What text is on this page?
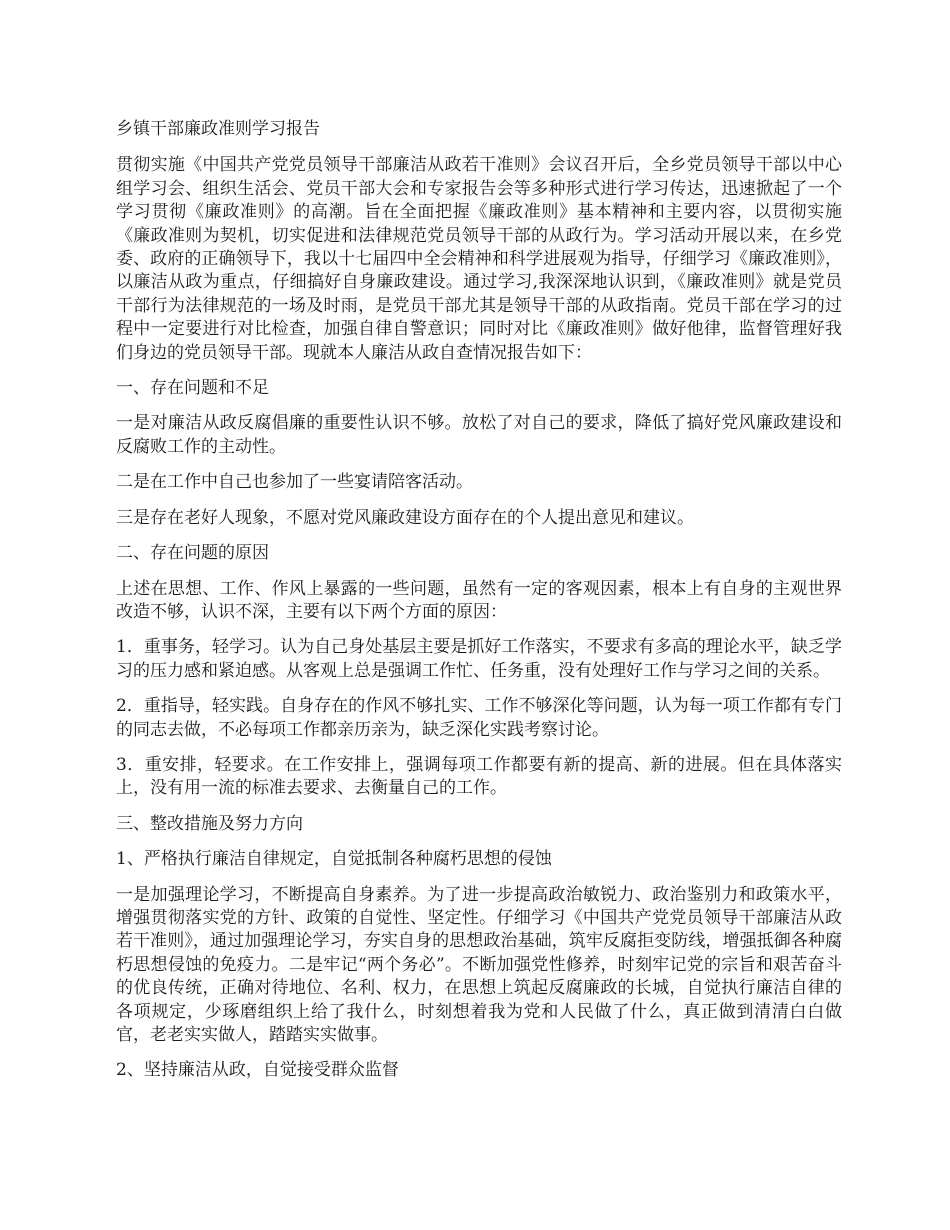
乡镇干部廉政准则学习报告

贯彻实施《中国共产党党员领导干部廉洁从政若干准则》会议召开后，全乡党员领导干部以中心组学习会、组织生活会、党员干部大会和专家报告会等多种形式进行学习传达，迅速掀起了一个学习贯彻《廉政准则》的高潮。旨在全面把握《廉政准则》基本精神和主要内容，以贯彻实施《廉政准则为契机，切实促进和法律规范党员领导干部的从政行为。学习活动开展以来，在乡党委、政府的正确领导下，我以十七届四中全会精神和科学进展观为指导，仔细学习《廉政准则》，以廉洁从政为重点，仔细搞好自身廉政建设。通过学习,我深深地认识到，《廉政准则》就是党员干部行为法律规范的一场及时雨，是党员干部尤其是领导干部的从政指南。党员干部在学习的过程中一定要进行对比检查，加强自律自警意识；同时对比《廉政准则》做好他律，监督管理好我们身边的党员领导干部。现就本人廉洁从政自查情况报告如下：

一、存在问题和不足

一是对廉洁从政反腐倡廉的重要性认识不够。放松了对自己的要求，降低了搞好党风廉政建设和反腐败工作的主动性。

二是在工作中自己也参加了一些宴请陪客活动。

三是存在老好人现象，不愿对党风廉政建设方面存在的个人提出意见和建议。

二、存在问题的原因

上述在思想、工作、作风上暴露的一些问题，虽然有一定的客观因素，根本上有自身的主观世界改造不够，认识不深，主要有以下两个方面的原因：

1．重事务，轻学习。认为自己身处基层主要是抓好工作落实，不要求有多高的理论水平，缺乏学习的压力感和紧迫感。从客观上总是强调工作忙、任务重，没有处理好工作与学习之间的关系。

2．重指导，轻实践。自身存在的作风不够扎实、工作不够深化等问题，认为每一项工作都有专门的同志去做，不必每项工作都亲历亲为，缺乏深化实践考察讨论。

3．重安排，轻要求。在工作安排上，强调每项工作都要有新的提高、新的进展。但在具体落实上，没有用一流的标准去要求、去衡量自己的工作。

三、整改措施及努力方向

1、严格执行廉洁自律规定，自觉抵制各种腐朽思想的侵蚀

一是加强理论学习，不断提高自身素养。为了进一步提高政治敏锐力、政治鉴别力和政策水平，增强贯彻落实党的方针、政策的自觉性、坚定性。仔细学习《中国共产党党员领导干部廉洁从政若干准则》，通过加强理论学习，夯实自身的思想政治基础，筑牢反腐拒变防线，增强抵御各种腐朽思想侵蚀的免疫力。二是牢记“两个务必”。不断加强党性修养，时刻牢记党的宗旨和艰苦奋斗的优良传统，正确对待地位、名利、权力，在思想上筑起反腐廉政的长城，自觉执行廉洁自律的各项规定，少琢磨组织上给了我什么，时刻想着我为党和人民做了什么，真正做到清清白白做官，老老实实做人，踏踏实实做事。

2、坚持廉洁从政，自觉接受群众监督
